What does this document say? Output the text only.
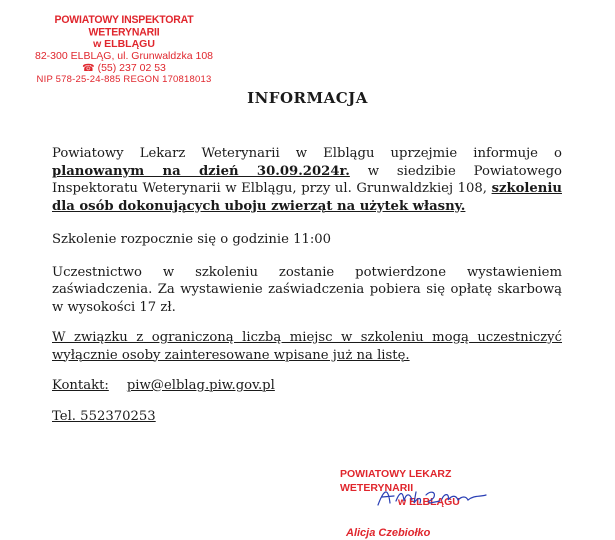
POWIATOWY INSPEKTORAT WETERYNARII
w ELBLĄGU
82-300 ELBLĄG, ul. Grunwaldzka 108
☎ (55) 237 02 53
NIP 578-25-24-885 REGON 170818013
INFORMACJA

Powiatowy Lekarz Weterynarii w Elblągu uprzejmie informuje o planowanym na dzień 30.09.2024r. w siedzibie Powiatowego Inspektoratu Weterynarii w Elblągu, przy ul. Grunwaldzkiej 108, szkoleniu dla osób dokonujących uboju zwierząt na użytek własny.

Szkolenie rozpocznie się o godzinie 11:00

Uczestnictwo w szkoleniu zostanie potwierdzone wystawieniem zaświadczenia. Za wystawienie zaświadczenia pobiera się opłatę skarbową w wysokości 17 zł.

W związku z ograniczoną liczbą miejsc w szkoleniu mogą uczestniczyć wyłącznie osoby zainteresowane wpisane już na listę.

Kontakt: piw@elblag.piw.gov.pl

Tel. 552370253

POWIATOWY LEKARZ WETERYNARII
w ELBLĄGU
Alicja Czebiołko
